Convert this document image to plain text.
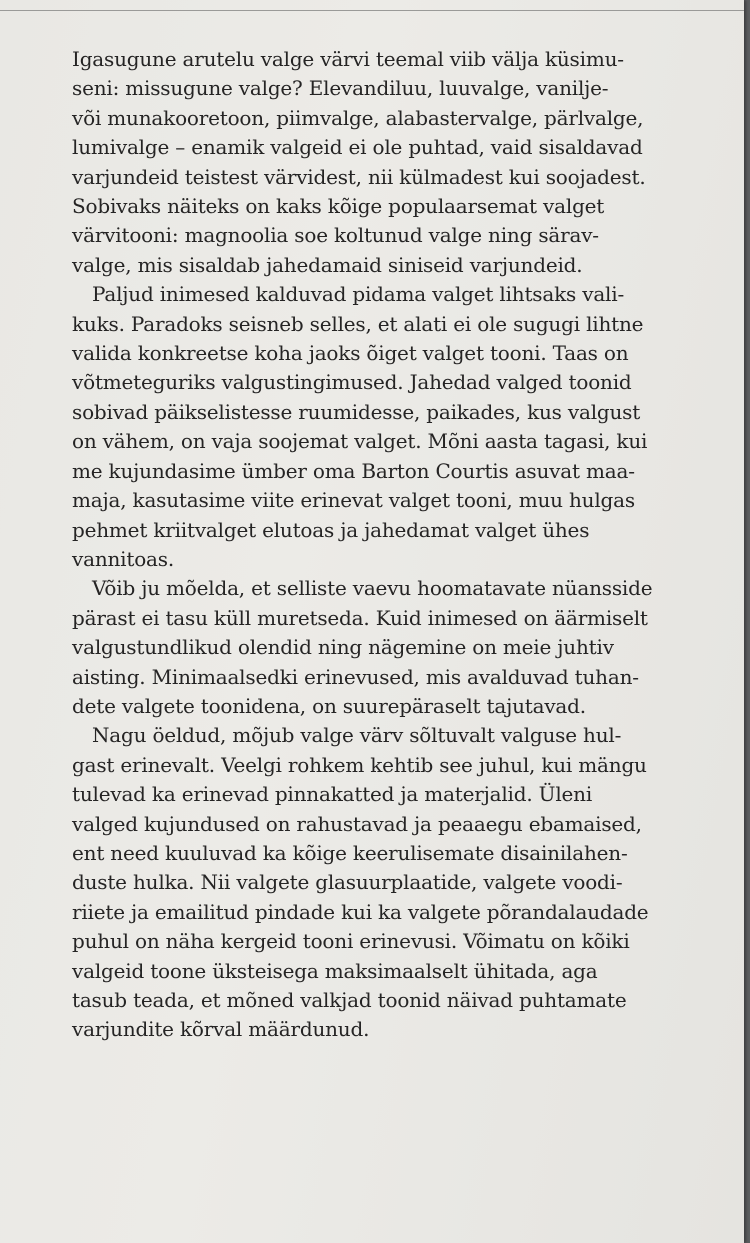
Igasugune arutelu valge värvi teemal viib välja küsimu-
seni: missugune valge? Elevandiluu, luuvalge, vanilje-
või munakooretoon, piimvalge, alabastervalge, pärlvalge,
lumivalge – enamik valgeid ei ole puhtad, vaid sisaldavad
varjundeid teistest värvidest, nii külmadest kui soojadest.
Sobivaks näiteks on kaks kõige populaarsemat valget
värvitooni: magnoolia soe koltunud valge ning särav-
valge, mis sisaldab jahedamaid siniseid varjundeid.
Paljud inimesed kalduvad pidama valget lihtsaks vali-
kuks. Paradoks seisneb selles, et alati ei ole sugugi lihtne
valida konkreetse koha jaoks õiget valget tooni. Taas on
võtmeteguriks valgustingimused. Jahedad valged toonid
sobivad päikselistesse ruumidesse, paikades, kus valgust
on vähem, on vaja soojemat valget. Mõni aasta tagasi, kui
me kujundasime ümber oma Barton Courtis asuvat maa-
maja, kasutasime viite erinevat valget tooni, muu hulgas
pehmet kriitvalget elutoas ja jahedamat valget ühes
vannitoas.
Võib ju mõelda, et selliste vaevu hoomatavate nüansside
pärast ei tasu küll muretseda. Kuid inimesed on äärmiselt
valgustundlikud olendid ning nägemine on meie juhtiv
aisting. Minimaalsedki erinevused, mis avalduvad tuhan-
dete valgete toonidena, on suurepäraselt tajutavad.
Nagu öeldud, mõjub valge värv sõltuvalt valguse hul-
gast erinevalt. Veelgi rohkem kehtib see juhul, kui mängu
tulevad ka erinevad pinnakatted ja materjalid. Üleni
valged kujundused on rahustavad ja peaaegu ebamaised,
ent need kuuluvad ka kõige keerulisemate disainilahen-
duste hulka. Nii valgete glasuurplaatide, valgete voodi-
riiete ja emailitud pindade kui ka valgete põrandalaudade
puhul on näha kergeid tooni erinevusi. Võimatu on kõiki
valgeid toone üksteisega maksimaalselt ühitada, aga
tasub teada, et mõned valkjad toonid näivad puhtamate
varjundite kõrval määrdunud.
